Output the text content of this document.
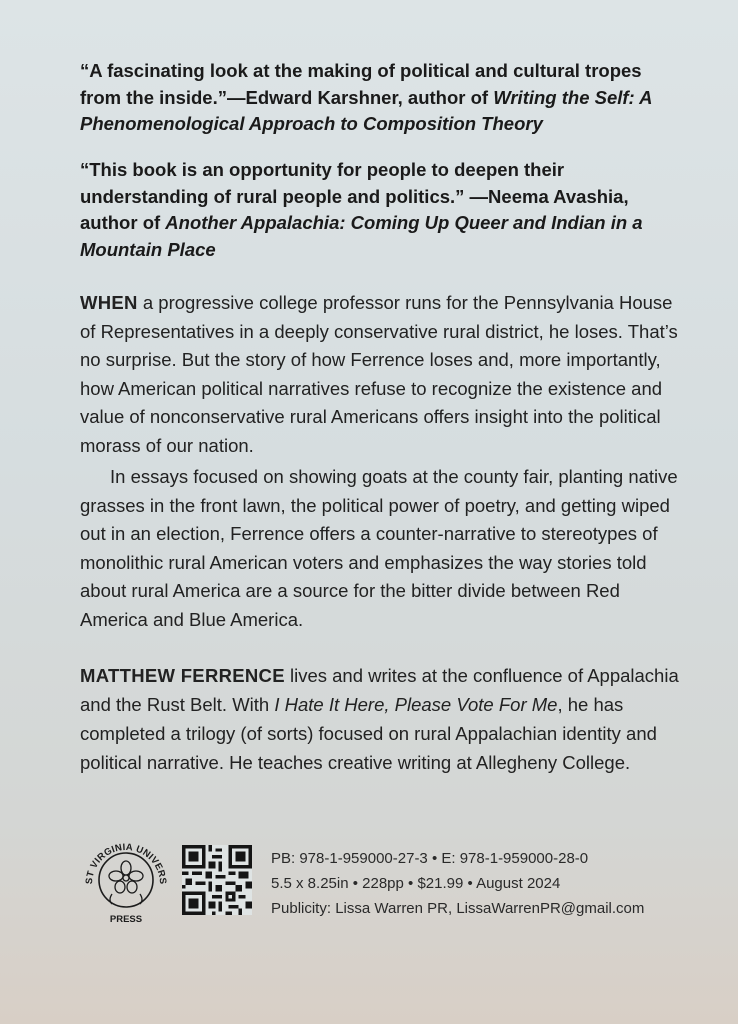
“A fascinating look at the making of political and cultural tropes from the inside.”—Edward Karshner, author of Writing the Self: A Phenomenological Approach to Composition Theory
“This book is an opportunity for people to deepen their understanding of rural people and politics.” —Neema Avashia, author of Another Appalachia: Coming Up Queer and Indian in a Mountain Place
WHEN a progressive college professor runs for the Pennsylvania House of Representatives in a deeply conservative rural district, he loses. That’s no surprise. But the story of how Ferrence loses and, more importantly, how American political narratives refuse to recognize the existence and value of nonconservative rural Americans offers insight into the political morass of our nation.
In essays focused on showing goats at the county fair, planting native grasses in the front lawn, the political power of poetry, and getting wiped out in an election, Ferrence offers a counter-narrative to stereotypes of monolithic rural American voters and emphasizes the way stories told about rural America are a source for the bitter divide between Red America and Blue America.
MATTHEW FERRENCE lives and writes at the confluence of Appalachia and the Rust Belt. With I Hate It Here, Please Vote For Me, he has completed a trilogy (of sorts) focused on rural Appalachian identity and political narrative. He teaches creative writing at Allegheny College.
ST VIRGINIA UNIVERS
PRESS
PB: 978-1-959000-27-3 • E: 978-1-959000-28-0
5.5 x 8.25in • 228pp • $21.99 • August 2024
Publicity: Lissa Warren PR, LissaWarrenPR@gmail.com
